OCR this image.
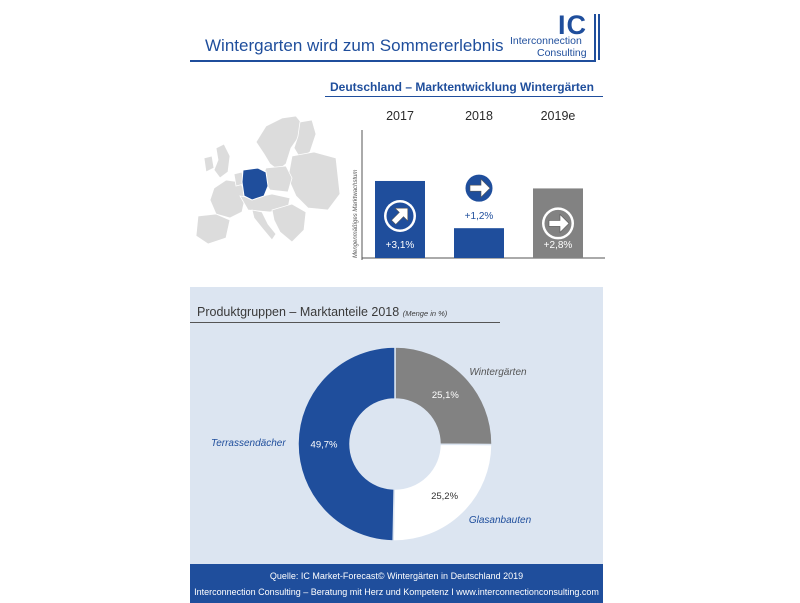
Wintergarten wird zum Sommererlebnis
IC
Interconnection
Consulting
Deutschland – Marktentwicklung Wintergärten
2017	2018	2019e
Mengenmäßiges Marktwachstum	+3,1%
+1,2%
+2,8%
Produktgruppen – Marktanteile 2018 (Menge in %)
25,1%
Wintergärten
25,2%
Glasanbauten
49,7%
Terrassendächer
Quelle: IC Market-Forecast© Wintergärten in Deutschland 2019
Interconnection Consulting – Beratung mit Herz und Kompetenz I www.interconnectionconsulting.com
